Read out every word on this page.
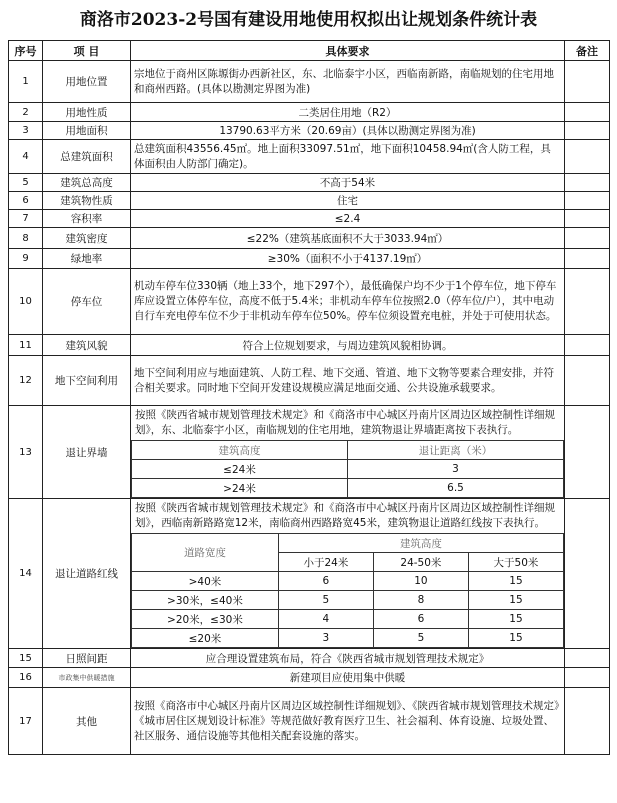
商洛市2023-2号国有建设用地使用权拟出让规划条件统计表
序号	项 目	具体要求	备注
1	用地位置	宗地位于商州区陈塬街办西新社区，东、北临泰宇小区，西临南新路，南临规划的住宅用地和商州西路。(具体以勘测定界图为准)	
2	用地性质	二类居住用地（R2）	
3	用地面积	13790.63平方米（20.69亩）(具体以勘测定界图为准)	
4	总建筑面积	总建筑面积43556.45㎡。地上面积33097.51㎡，地下面积10458.94㎡(含人防工程，具体面积由人防部门确定)。	
5	建筑总高度	不高于54米	
6	建筑物性质	住宅	
7	容积率	≤2.4	
8	建筑密度	≤22%（建筑基底面积不大于3033.94㎡）	
9	绿地率	≥30%（面积不小于4137.19㎡）	
10	停车位	机动车停车位330辆（地上33个，地下297个），最低确保户均不少于1个停车位，地下停车库应设置立体停车位，高度不低于5.4米；非机动车停车位按照2.0（停车位/户），其中电动自行车充电停车位不少于非机动车停车位50%。停车位须设置充电桩，并处于可使用状态。	
11	建筑风貌	符合上位规划要求，与周边建筑风貌相协调。	
12	地下空间利用	地下空间利用应与地面建筑、人防工程、地下交通、管道、地下文物等要素合理安排，并符合相关要求。同时地下空间开发建设规模应满足地面交通、公共设施承载要求。	
13	退让界墙	
按照《陕西省城市规划管理技术规定》和《商洛市中心城区丹南片区周边区域控制性详细规划》，东、北临泰宇小区，南临规划的住宅用地，建筑物退让界墙距离按下表执行。
建筑高度	退让距离（米）
≤24米	3
>24米	6.5

14	退让道路红线	
按照《陕西省城市规划管理技术规定》和《商洛市中心城区丹南片区周边区域控制性详细规划》，西临南新路路宽12米，南临商州西路路宽45米，建筑物退让道路红线按下表执行。
道路宽度	建筑高度
小于24米	24-50米	大于50米
>40米	6	10	15
>30米，≤40米	5	8	15
>20米，≤30米	4	6	15
≤20米	3	5	15

15	日照间距	应合理设置建筑布局，符合《陕西省城市规划管理技术规定》	
16	市政集中供暖措施	新建项目应使用集中供暖	
17	其他	按照《商洛市中心城区丹南片区周边区域控制性详细规划》、《陕西省城市规划管理技术规定》《城市居住区规划设计标准》等规范做好教育医疗卫生、社会福利、体育设施、垃圾处置、社区服务、通信设施等其他相关配套设施的落实。	
